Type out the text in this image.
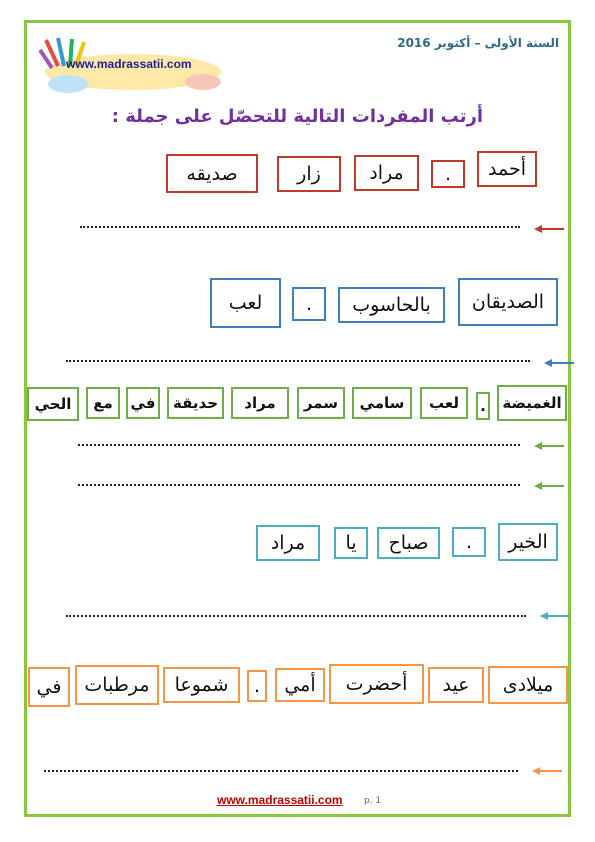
السنة الأولى – أكتوبر 2016
www.madrassatii.com
أرتب المفردات التالية للتحصّل على جملة :
أحمد
.
مراد
زار
صديقه
الصديقان
بالحاسوب
.
لعب
الغميضة
.
لعب
سامي
سمر
مراد
حديقة
في
مع
الحي
الخير
.
صباح
يا
مراد
ميلادى
عيد
أحضرت
أمي
.
شموعا
مرطبات
في
www.madrassatii.com p. 1
